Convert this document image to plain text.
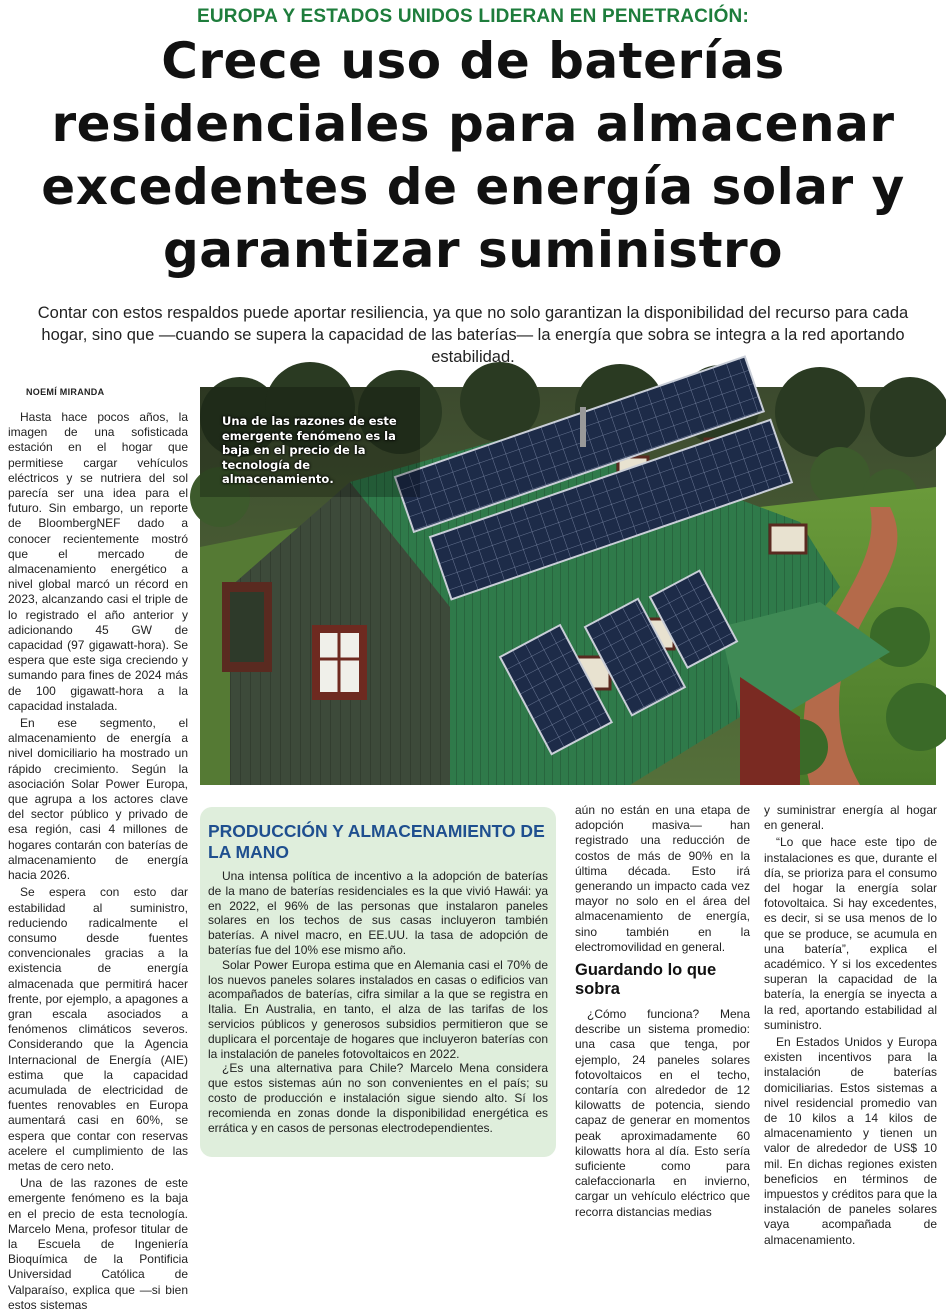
EUROPA Y ESTADOS UNIDOS LIDERAN EN PENETRACIÓN:
Crece uso de baterías residenciales para almacenar excedentes de energía solar y garantizar suministro

Contar con estos respaldos puede aportar resiliencia, ya que no solo garantizan la disponibilidad del recurso para cada hogar, sino que —cuando se supera la capacidad de las baterías— la energía que sobra se integra a la red aportando estabilidad.

NOEMÍ MIRANDA

Hasta hace pocos años, la imagen de una sofisticada estación en el hogar que permitiese cargar vehículos eléctricos y se nutriera del sol parecía ser una idea para el futuro. Sin embargo, un reporte de BloombergNEF dado a conocer recientemente mostró que el mercado de almacenamiento energético a nivel global marcó un récord en 2023, alcanzando casi el triple de lo registrado el año anterior y adicionando 45 GW de capacidad (97 gigawatt-hora). Se espera que este siga creciendo y sumando para fines de 2024 más de 100 gigawatt-hora a la capacidad instalada.

En ese segmento, el almacenamiento de energía a nivel domiciliario ha mostrado un rápido crecimiento. Según la asociación Solar Power Europa, que agrupa a los actores clave del sector público y privado de esa región, casi 4 millones de hogares contarán con baterías de almacenamiento de energía hacia 2026.

Se espera con esto dar estabilidad al suministro, reduciendo radicalmente el consumo desde fuentes convencionales gracias a la existencia de energía almacenada que permitirá hacer frente, por ejemplo, a apagones a gran escala asociados a fenómenos climáticos severos. Considerando que la Agencia Internacional de Energía (AIE) estima que la capacidad acumulada de electricidad de fuentes renovables en Europa aumentará casi en 60%, se espera que contar con reservas acelere el cumplimiento de las metas de cero neto.

Una de las razones de este emergente fenómeno es la baja en el precio de esta tecnología. Marcelo Mena, profesor titular de la Escuela de Ingeniería Bioquímica de la Pontificia Universidad Católica de Valparaíso, explica que —si bien estos sistemas

Una de las razones de este emergente fenómeno es la baja en el precio de la tecnología de almacenamiento.
PRODUCCIÓN Y ALMACENAMIENTO DE LA MANO

Una intensa política de incentivo a la adopción de baterías de la mano de baterías residenciales es la que vivió Hawái: ya en 2022, el 96% de las personas que instalaron paneles solares en los techos de sus casas incluyeron también baterías. A nivel macro, en EE.UU. la tasa de adopción de baterías fue del 10% ese mismo año.

Solar Power Europa estima que en Alemania casi el 70% de los nuevos paneles solares instalados en casas o edificios van acompañados de baterías, cifra similar a la que se registra en Italia. En Australia, en tanto, el alza de las tarifas de los servicios públicos y generosos subsidios permitieron que se duplicara el porcentaje de hogares que incluyeron baterías con la instalación de paneles fotovoltaicos en 2022.

¿Es una alternativa para Chile? Marcelo Mena considera que estos sistemas aún no son convenientes en el país; su costo de producción e instalación sigue siendo alto. Sí los recomienda en zonas donde la disponibilidad energética es errática y en casos de personas electrodependientes.

aún no están en una etapa de adopción masiva— han registrado una reducción de costos de más de 90% en la última década. Esto irá generando un impacto cada vez mayor no solo en el área del almacenamiento de energía, sino también en la electromovilidad en general.

Guardando lo que sobra

¿Cómo funciona? Mena describe un sistema promedio: una casa que tenga, por ejemplo, 24 paneles solares fotovoltaicos en el techo, contaría con alrededor de 12 kilowatts de potencia, siendo capaz de generar en momentos peak aproximadamente 60 kilowatts hora al día. Esto sería suficiente como para calefaccionarla en invierno, cargar un vehículo eléctrico que recorra distancias medias

y suministrar energía al hogar en general.

“Lo que hace este tipo de instalaciones es que, durante el día, se prioriza para el consumo del hogar la energía solar fotovoltaica. Si hay excedentes, es decir, si se usa menos de lo que se produce, se acumula en una batería”, explica el académico. Y si los excedentes superan la capacidad de la batería, la energía se inyecta a la red, aportando estabilidad al suministro.

En Estados Unidos y Europa existen incentivos para la instalación de baterías domiciliarias. Estos sistemas a nivel residencial promedio van de 10 kilos a 14 kilos de almacenamiento y tienen un valor de alrededor de US$ 10 mil. En dichas regiones existen beneficios en términos de impuestos y créditos para que la instalación de paneles solares vaya acompañada de almacenamiento.
